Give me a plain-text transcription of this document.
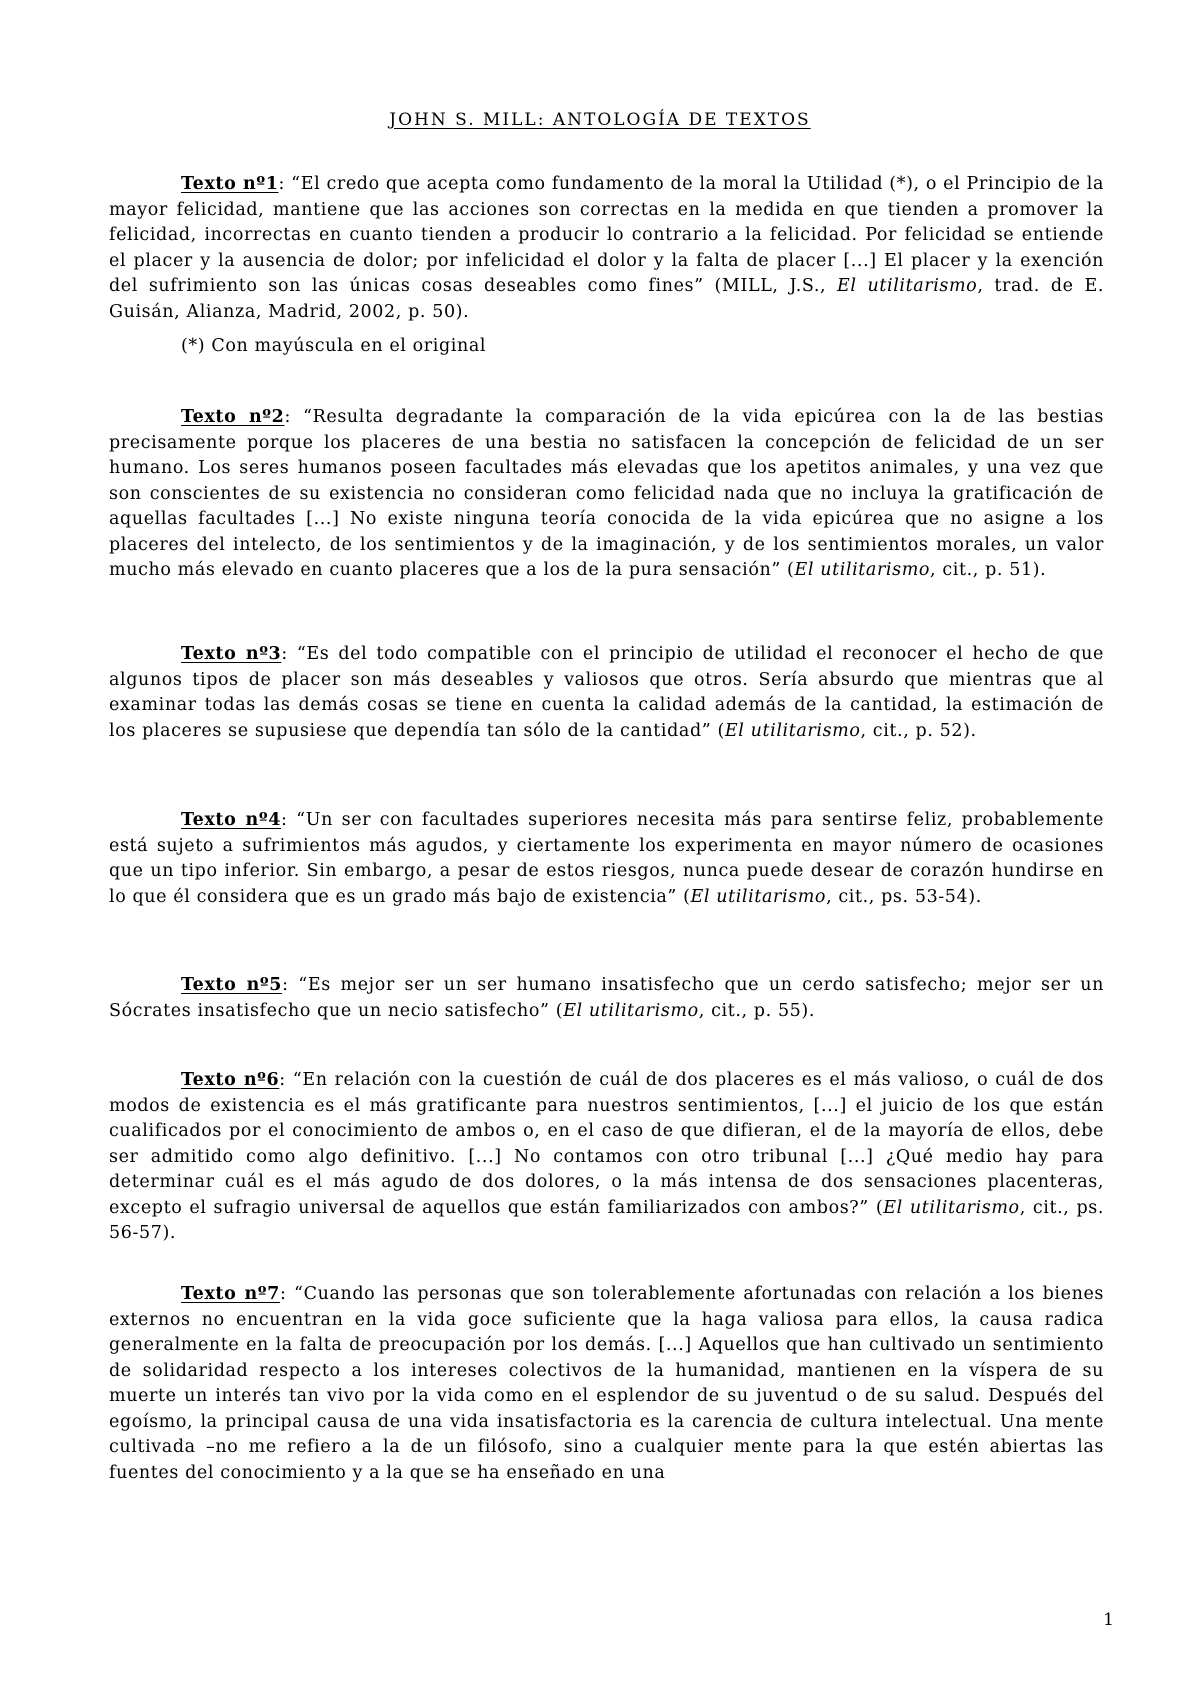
JOHN S. MILL: ANTOLOGÍA DE TEXTOS

Texto nº1: “El credo que acepta como fundamento de la moral la Utilidad (*), o el Principio de la mayor felicidad, mantiene que las acciones son correctas en la medida en que tienden a promover la felicidad, incorrectas en cuanto tienden a producir lo contrario a la felicidad. Por felicidad se entiende el placer y la ausencia de dolor; por infelicidad el dolor y la falta de placer [...] El placer y la exención del sufrimiento son las únicas cosas deseables como fines” (MILL, J.S., El utilitarismo, trad. de E. Guisán, Alianza, Madrid, 2002, p. 50).

(*) Con mayúscula en el original

Texto nº2: “Resulta degradante la comparación de la vida epicúrea con la de las bestias precisamente porque los placeres de una bestia no satisfacen la concepción de felicidad de un ser humano. Los seres humanos poseen facultades más elevadas que los apetitos animales, y una vez que son conscientes de su existencia no consideran como felicidad nada que no incluya la gratificación de aquellas facultades [...] No existe ninguna teoría conocida de la vida epicúrea que no asigne a los placeres del intelecto, de los sentimientos y de la imaginación, y de los sentimientos morales, un valor mucho más elevado en cuanto placeres que a los de la pura sensación” (El utilitarismo, cit., p. 51).

Texto nº3: “Es del todo compatible con el principio de utilidad el reconocer el hecho de que algunos tipos de placer son más deseables y valiosos que otros. Sería absurdo que mientras que al examinar todas las demás cosas se tiene en cuenta la calidad además de la cantidad, la estimación de los placeres se supusiese que dependía tan sólo de la cantidad” (El utilitarismo, cit., p. 52).

Texto nº4: “Un ser con facultades superiores necesita más para sentirse feliz, probablemente está sujeto a sufrimientos más agudos, y ciertamente los experimenta en mayor número de ocasiones que un tipo inferior. Sin embargo, a pesar de estos riesgos, nunca puede desear de corazón hundirse en lo que él considera que es un grado más bajo de existencia” (El utilitarismo, cit., ps. 53-54).

Texto nº5: “Es mejor ser un ser humano insatisfecho que un cerdo satisfecho; mejor ser un Sócrates insatisfecho que un necio satisfecho” (El utilitarismo, cit., p. 55).

Texto nº6: “En relación con la cuestión de cuál de dos placeres es el más valioso, o cuál de dos modos de existencia es el más gratificante para nuestros sentimientos, [...] el juicio de los que están cualificados por el conocimiento de ambos o, en el caso de que difieran, el de la mayoría de ellos, debe ser admitido como algo definitivo. [...] No contamos con otro tribunal [...] ¿Qué medio hay para determinar cuál es el más agudo de dos dolores, o la más intensa de dos sensaciones placenteras, excepto el sufragio universal de aquellos que están familiarizados con ambos?” (El utilitarismo, cit., ps. 56-57).

Texto nº7: “Cuando las personas que son tolerablemente afortunadas con relación a los bienes externos no encuentran en la vida goce suficiente que la haga valiosa para ellos, la causa radica generalmente en la falta de preocupación por los demás. [...] Aquellos que han cultivado un sentimiento de solidaridad respecto a los intereses colectivos de la humanidad, mantienen en la víspera de su muerte un interés tan vivo por la vida como en el esplendor de su juventud o de su salud. Después del egoísmo, la principal causa de una vida insatisfactoria es la carencia de cultura intelectual. Una mente cultivada –no me refiero a la de un filósofo, sino a cualquier mente para la que estén abiertas las fuentes del conocimiento y a la que se ha enseñado en una

1
